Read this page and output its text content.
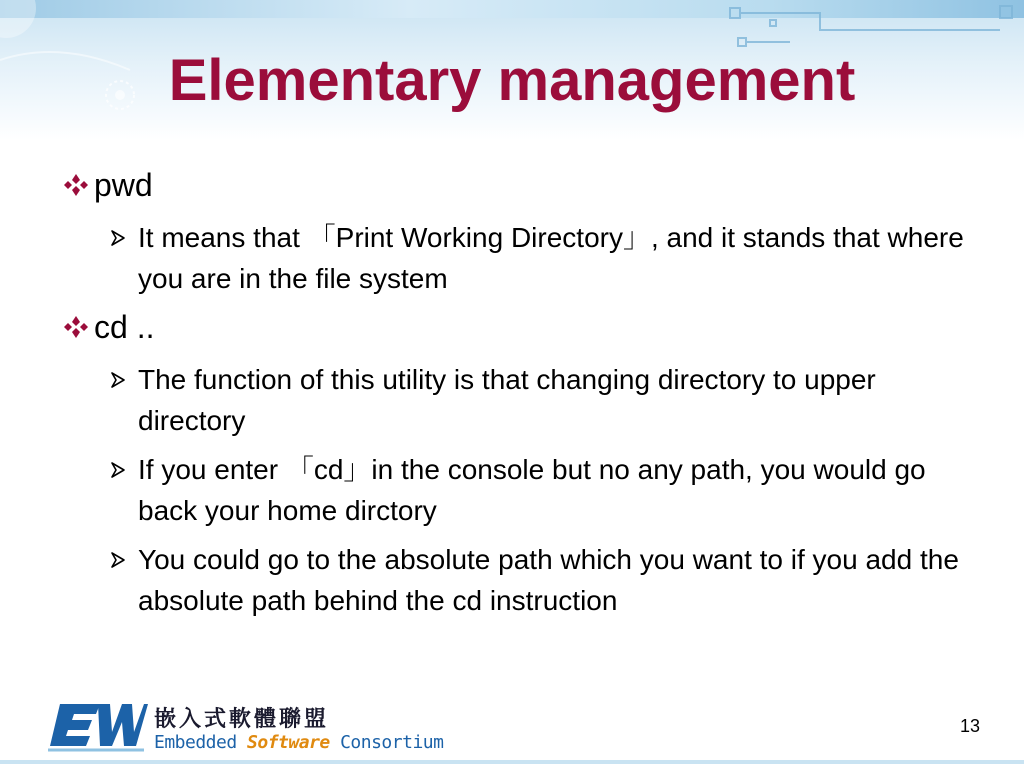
Elementary management
pwd
It means that 「Print Working Directory」, and it stands that where you are in the file system
cd ..
The function of this utility is that changing directory to upper directory
If you enter 「cd」in the console but no any path, you would go back your home dirctory
You could go to the absolute path which you want to if you add the absolute path behind the cd instruction
嵌入式軟體聯盟
Embedded Software Consortium
13
